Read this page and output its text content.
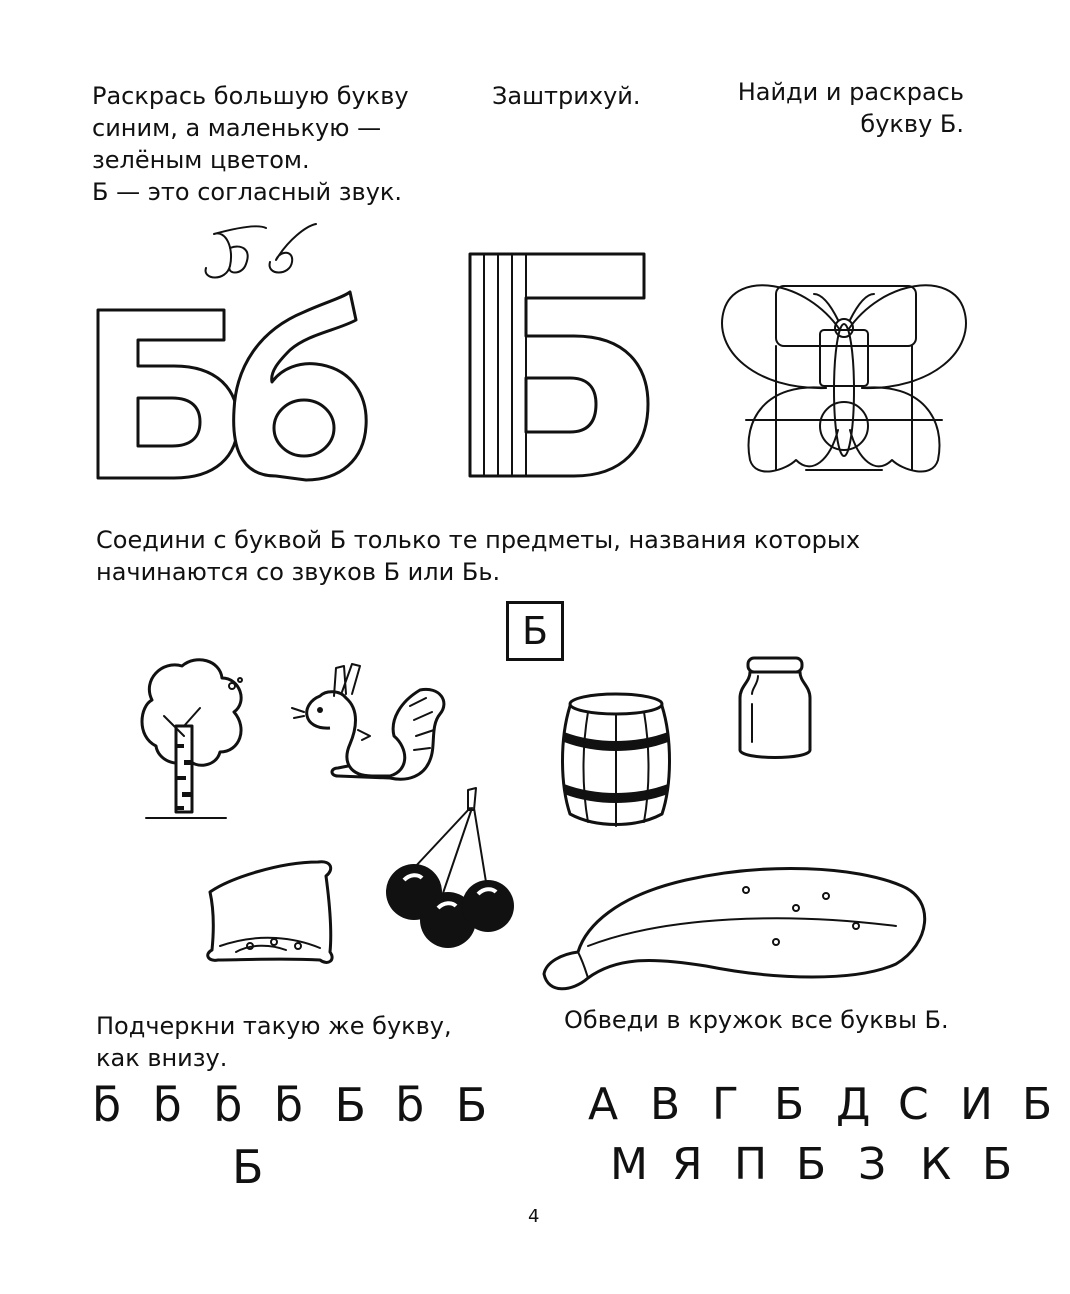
Раскрась большую букву
синим, а маленькую —
зелёным цветом.
Б — это согласный звук.
Заштрихуй.	Найди и раскрась
букву Б.
Соедини с буквой Б только те предметы, названия которых
начинаются со звуков Б или Бь.
Б
Подчеркни такую же букву,
как внизу.
Обведи в кружок все буквы Б.
ƃ ƃ ƃ ƃ Б ƃ Ƃ
Б
А В Г Б Д С И Б
М Я П Б З К Б
4
